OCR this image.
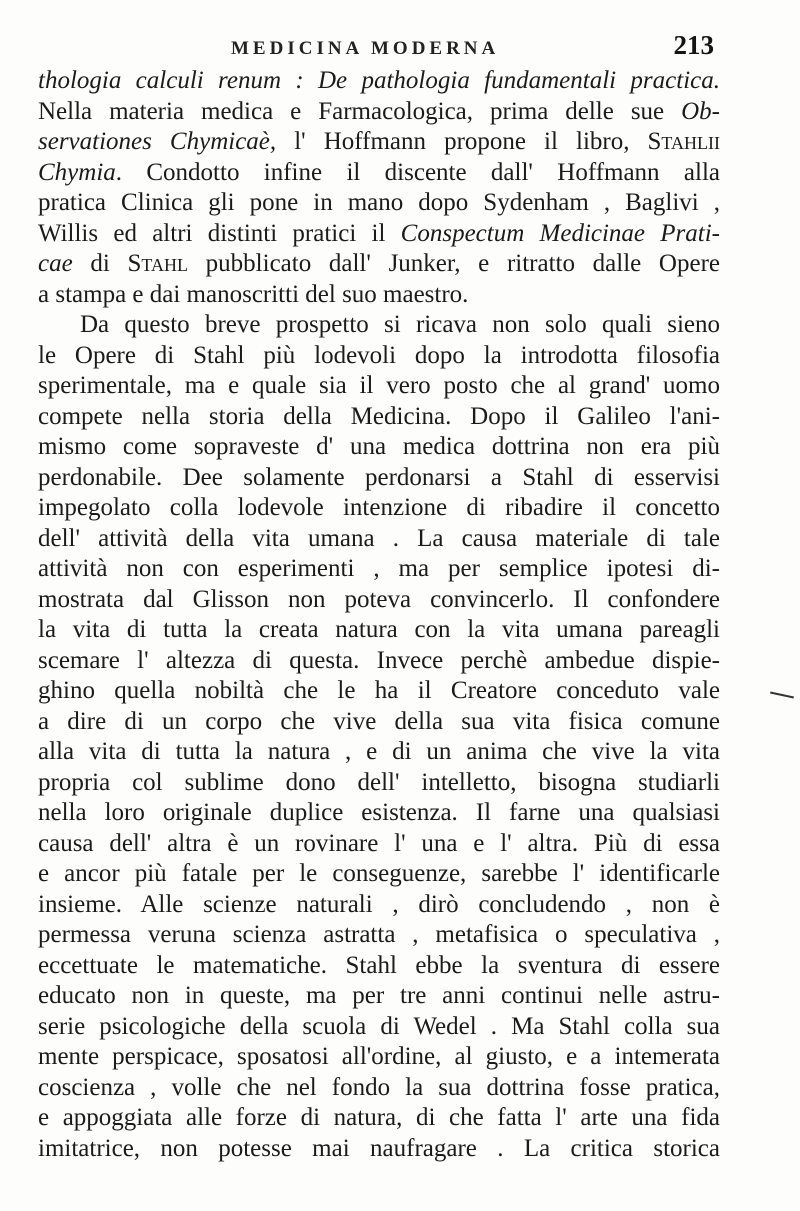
MEDICINA MODERNA	213
thologia calculi renum : De pathologia fundamentali practica.
Nella materia medica e Farmacologica, prima delle sue Ob-
servationes Chymicaè, l' Hoffmann propone il libro, Stahlii
Chymia. Condotto infine il discente dall' Hoffmann alla
pratica Clinica gli pone in mano dopo Sydenham , Baglivi ,
Willis ed altri distinti pratici il Conspectum Medicinae Prati-
cae di Stahl pubblicato dall' Junker, e ritratto dalle Opere
a stampa e dai manoscritti del suo maestro.
Da questo breve prospetto si ricava non solo quali sieno
le Opere di Stahl più lodevoli dopo la introdotta filosofia
sperimentale, ma e quale sia il vero posto che al grand' uomo
compete nella storia della Medicina. Dopo il Galileo l'ani-
mismo come sopraveste d' una medica dottrina non era più
perdonabile. Dee solamente perdonarsi a Stahl di esservisi
impegolato colla lodevole intenzione di ribadire il concetto
dell' attività della vita umana . La causa materiale di tale
attività non con esperimenti , ma per semplice ipotesi di-
mostrata dal Glisson non poteva convincerlo. Il confondere
la vita di tutta la creata natura con la vita umana pareagli
scemare l' altezza di questa. Invece perchè ambedue dispie-
ghino quella nobiltà che le ha il Creatore conceduto vale
a dire di un corpo che vive della sua vita fisica comune
alla vita di tutta la natura , e di un anima che vive la vita
propria col sublime dono dell' intelletto, bisogna studiarli
nella loro originale duplice esistenza. Il farne una qualsiasi
causa dell' altra è un rovinare l' una e l' altra. Più di essa
e ancor più fatale per le conseguenze, sarebbe l' identificarle
insieme. Alle scienze naturali , dirò concludendo , non è
permessa veruna scienza astratta , metafisica o speculativa ,
eccettuate le matematiche. Stahl ebbe la sventura di essere
educato non in queste, ma per tre anni continui nelle astru-
serie psicologiche della scuola di Wedel . Ma Stahl colla sua
mente perspicace, sposatosi all'ordine, al giusto, e a intemerata
coscienza , volle che nel fondo la sua dottrina fosse pratica,
e appoggiata alle forze di natura, di che fatta l' arte una fida
imitatrice, non potesse mai naufragare . La critica storica
